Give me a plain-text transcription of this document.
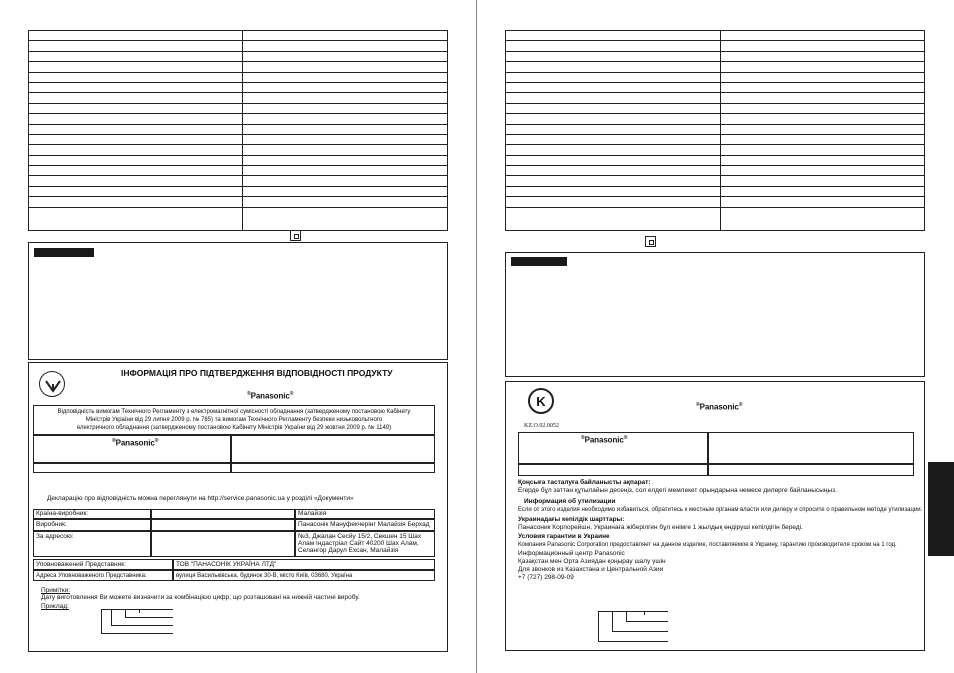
ІНФОРМАЦІЯ ПРО ПІДТВЕРДЖЕННЯ ВІДПОВІДНОСТІ ПРОДУКТУ
®Panasonic®
Відповідність вимогам Технічного Регламенту з електромагнітної сумісності обладнання (затвердженому постановою Кабінету
Міністрів України від 29 липня 2009 р. № 785) та вимогам Технічного Регламенту безпеки низьковольтного
електричного обладнання (затвердженому постановою Кабінету Міністрів України від 29 жовтня 2009 р. № 1149)
®Panasonic®
Декларацію про відповідність можна переглянути на http://service.panasonic.ua у розділі «Документи»
Країна-виробник:	Малайзія
Виробник:	Панасонік Мануфекчерінг Малайзія Берхад
За адресою:	№3, Джалан Сесйу 15/2, Секшен 15 Шах
Алам Індастріал Сайт 40200 Шах Алам,
Селангор Дарул Ехсан, Малайзія
Уповноважений Представник:	ТОВ "ПАНАСОНІК УКРАЇНА ЛТД"
Адреса Уповноваженого Представника:	вулиця Васильківська, будинок 30-В, місто Київ, 03680, Україна
Примітки:
Дату виготовлення Ви можете визначити за комбінацією цифр, що розташовані на нижній частині виробу.
Приклад:

K
KZ.O.02.0052
®Panasonic®
®Panasonic®
Қоңсыға тасталуға байланысты ақпарат:
Егерде бұл заттан құтылайын десеңіз, сол елдегі мемлекет орындарына немесе дилерге байланысыңыз.
Информация об утилизации
Если от этого изделия необходимо избавиться, обратитесь к местным органам власти или дилеру и спросите о правильном методе утилизации.
Украинадағы кепілдік шарттары:
Панасоник Корпорейшн, Украинаға жіберілген бұл енімге 1 жылдық өндіруші кепілдігін береді.
Условия гарантии в Украине
Компания Panasonic Corporation предоставляет на данное изделие, поставляемое в Украину, гарантию производителя сроком на 1 год.
Информационный центр Panasonic
Қазақстан мен Орта Азиядан қоңырау шалу үшін
Для звонков из Казахстана и Центральной Азии
+7 (727) 298-09-09
